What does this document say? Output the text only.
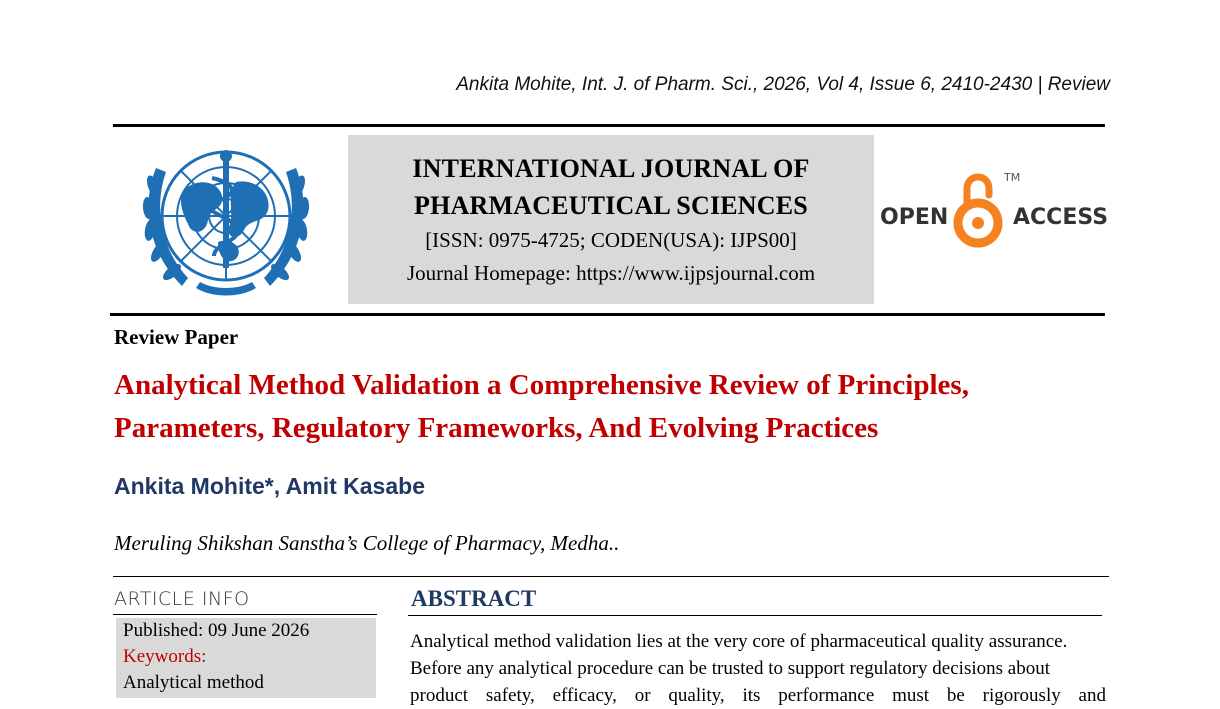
Ankita Mohite, Int. J. of Pharm. Sci., 2026, Vol 4, Issue 6, 2410-2430 | Review
INTERNATIONAL JOURNAL OF
PHARMACEUTICAL SCIENCES
[ISSN: 0975-4725; CODEN(USA): IJPS00]
Journal Homepage: https://www.ijpsjournal.com
OPEN
TM
ACCESS
Review Paper
Analytical Method Validation a Comprehensive Review of Principles,
Parameters, Regulatory Frameworks, And Evolving Practices
Ankita Mohite*, Amit Kasabe
Meruling Shikshan Sanstha’s College of Pharmacy, Medha..
ARTICLE INFO
Published: 09 June 2026
Keywords:
Analytical method
ABSTRACT
Analytical method validation lies at the very core of pharmaceutical quality assurance.
Before any analytical procedure can be trusted to support regulatory decisions about
product safety, efficacy, or quality, its performance must be rigorously and
